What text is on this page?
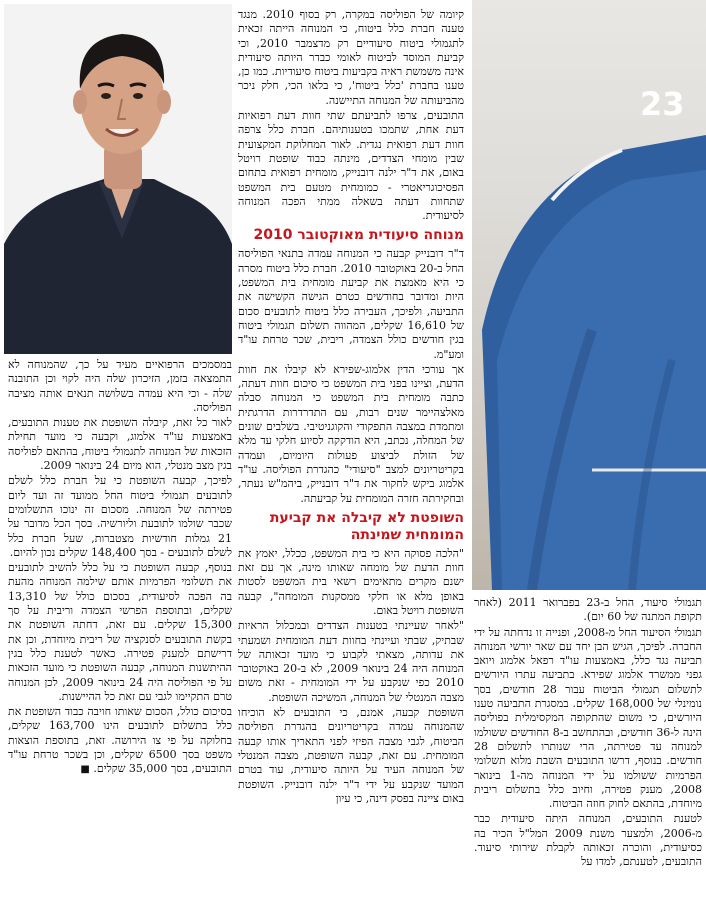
במסמכים הרפואיים מעיד על כך, שהמנוחה לא התמצאה בזמן, הזיכרון שלה היה לקוי וכן התובנה שלה - וכי היא עמדה בשלושה תנאים אותה מציבה הפוליסה.

לאור כל זאת, קיבלה השופטת את טענות התובעים, באמצעות עו"ד אלמוג, וקבעה כי מועד תחילת הזכאות של המנוחה לתגמולי ביטוח, בהתאם לפוליסה בגין מצב מנטלי, הוא מיום 24 בינואר 2009.

לפיכך, קבעה השופטת כי על חברת כלל לשלם לתובעים תגמולי ביטוח החל ממועד זה ועד ליום פטירתה של המנוחה. מסכום זה ינוכו התשלומים שכבר שולמו לתובעת וליורשיה. בסך הכל מדובר על 21 גמלות חודשיות מצטברות, שעל חברת כלל לשלם לתובעים - בסך 148,400 שקלים נכון להיום.

בנוסף, קבעה השופטת כי על כלל להשיב לתובעים את תשלומי הפרמיות אותם שילמה המנוחה מהעת בה הפכה לסיעודית, בסכום כולל של 13,310 שקלים, ובתוספת הפרשי הצמדה וריבית על סך 15,300 שקלים. עם זאת, דחתה השופטת את בקשת התובעים לסנקציה של ריבית מיוחדת, וכן את דרישתם למענק פטירה. כאשר לטענת כלל בגין ההיתשנות המנוחה, קבעה השופטת כי מועד הזכאות על פי הפוליסה היה 24 בינואר 2009, לכן המנוחה טרם התקיימו לגבי עם זאת כל ההיישנות.

בסיכום כולל, הסכום שאותו חויבה כבוד השופטת את כלל בתשלום לתובעים הינו 163,700 שקלים, בחלוקה על פי צו הירושה. זאת, בתוספת הוצאות משפט בסך 6500 שקלים, וכן בשכר טרחת עו"ד התובעים, בסך 35,000 שקלים. ■

קיומה של הפוליסה במקרה, רק בסוף 2010. מנגד טענה חברת כלל ביטוח, כי המנוחה הייתה זכאית לתגמולי ביטוח סיעודיים רק מדצמבר 2010, וכי קביעת המוסד לביטוח לאומי כבדר היותה סיעודית אינה משמשת ראיה בקביעות ביטוח סיעודיות. כמו כן, טענו בחברת 'כלל ביטוח', כי בלאו הכי, חלק ניכר מהביעותה של המנוחה התיישנה.

התובעים, צרפו לתביעתם שתי חוות דעת רפואיות דעת אחת, שתמכו בטענותיהם. חברת כלל צרפה חוות דעת רפואית נגדית. לאור המחלוקת המקצועית שבין מומחי הצדדים, מינתה כבוד שופטת רויטל באום, את ד"ר ילנה דובנייק, מומחית רפואית בתחום הפסיכוגריאטרי - כמומחית מטעם בית המשפט שתחוות דעתה בשאלה ממתי הפכה המנוחה לסיעודית.

מנוחה סיעודית מאוקטובר 2010

ד"ר דובנייק קבעה כי המנוחה עמדה בתנאי הפוליסה החל ב-20 באוקטובר 2010. חברת כלל ביטוח מסרה כי היא מאמצת את קביעת מומחית בית המשפט, היות ומדובר בחודשים כטרם הגישה הקשישה את התביעה, ולפיכך, העבירה כלל ביטוח לתובעים סכום של 16,610 שקלים, המהווה תשלום תגמולי ביטוח בגין חודשים כולל הצמדה, ריבית, שכר טרחת עו"ד ומע"מ.

אך עורכי הדין אלמוג-שפירא לא קיבלו את חוות הדעת, וציינו בפני בית המשפט כי סיכום חוות דעתה, כתבה מומחית בית המשפט כי המנוחה סבלה מאלצהיימר שנים רבות, עם התדרדרות הדרגתית ומתמדת במצבה התפקודי והקוגניטיבי. בשלבים שונים של המחלה, נכתב, היא הודקקה לסיוע חלקי עד מלא של הזולת לביצוע פעולות היומיום, ועמדה בקריטריונים למצב "סיעודי" כהגדרת הפוליסה. עו"ד אלמוג ביקש לחקור את ד"ר דובנייק, ביהמ"ש נעתר, ובחקירתה חזרה המומחית על קביעתה.

השופטת לא קיבלה את קביעת המומחית שמינתה

"הלכה פסוקה היא כי בית המשפט, ככלל, יאמץ את חוות הדעת של מומחה שאותו מינה, אך עם זאת ישנם מקרים מתאימים רשאי בית המשפט לסטות באופן מלא או חלקי ממסקנות המומחה", קבעה השופטת רויטל באום.

"לאחר שעיינתי בטענות הצדדים ובמכלול הראיות שבתיק, שבתי ועיינתי בחוות דעת המומחית ושמעתי את עדותה, מצאתי לקבוע כי מועד זכאותה של המנוחה היה 24 בינואר 2009, לא ב-20 באוקטובר 2010 כפי שנקבע על ידי המומחית - זאת משום מצבה המנטלי של המנוחה, המשיכה השופטת.

השופטת קבעה, אמנם, כי התובעים לא הוכיחו שהמנוחה עמדה בקריטריונים בהגדרת הפוליסה הביטוח, לגבי מצבה הפיזי לפני התאריך אותו קבעה המומחית. עם זאת, קבעה השופטת, מצבה המנטלי של המנוחה העיד על היותה סיעודית, עוד בטרם המועד שנקבע על ידי ד"ר ילנה דובנייק. השופטת באום ציינה בפסק דינה, כי עיון

תגמולי סיעוד, החל ב-23 בפברואר 2011 (לאחר תקופת המתנה של 60 יום).

תגמולי הסיעוד החל מ-2008, ופנייה זו נדחתה על ידי החברה. לפיכך, הגיש הבן יחד עם שאר יורשי המנוחה תביעה נגד כלל, באמצעות עו"ד רפאל אלמוג ויואב גפני ממשרד אלמוג שפירא. בתביעה עתרו היורשים לתשלום תגמולי הביטוח עבור 28 חודשים, בסך נומינלי של 168,000 שקלים. במסגרת התביעה טענו היורשים, כי משום שהתקופה המקסימלית בפוליסה הינה ל-36 חודשים, ובהתחשב ב-8 החודשים ששולמו למנוחה עד פטירתה, הרי שנותרו לתשלום 28 חודשים. בנוסף, דרשו התובעים השבת מלוא תשלומי הפרמיות ששולמו על ידי המנוחה מה-1 בינואר 2008, מענק פטירה, וחיוב כלל בתשלום ריבית מיוחדת, בהתאם לחוק חוזה הביטוח.

לטענת התובעים, המנוחה היתה סיעודית כבר מ-2006, ולמצער משנת 2009 המל"ל הכיר בה כסיעודית, והוכרה זכאותה לקבלת שירותי סיעוד. התובעים, לטענתם, למדו על

23
